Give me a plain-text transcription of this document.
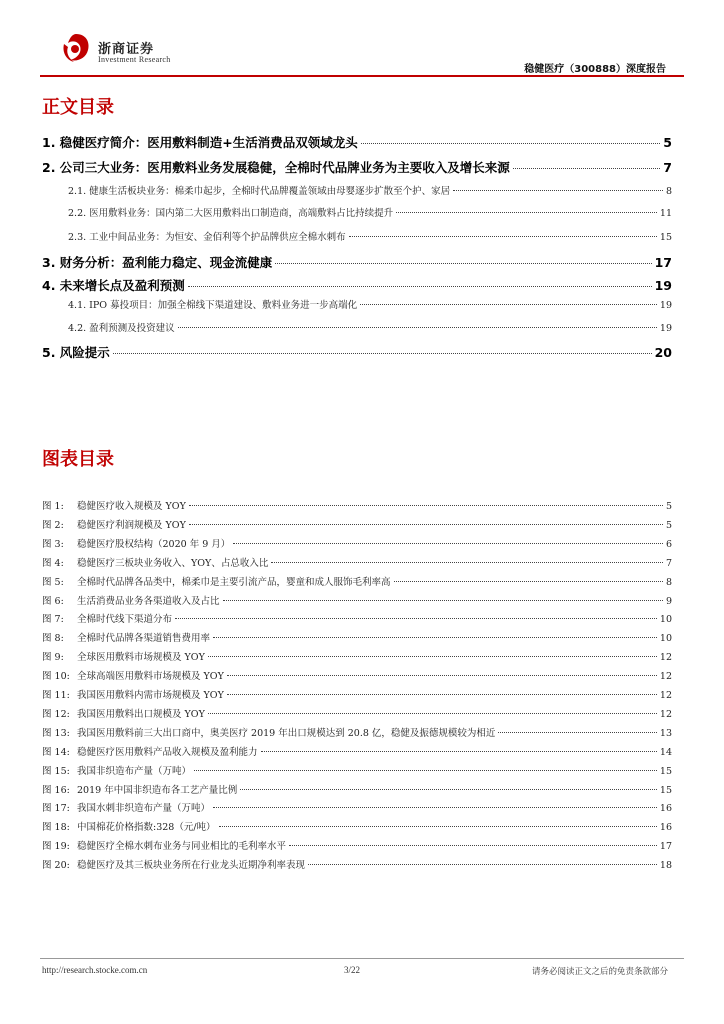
浙商证券
Investment Research
稳健医疗（300888）深度报告
正文目录
1. 稳健医疗简介：医用敷料制造+生活消费品双领域龙头	5
2. 公司三大业务：医用敷料业务发展稳健，全棉时代品牌业务为主要收入及增长来源	7
2.1. 健康生活板块业务：棉柔巾起步，全棉时代品牌覆盖领域由母婴逐步扩散至个护、家居	8
2.2. 医用敷料业务：国内第二大医用敷料出口制造商，高端敷料占比持续提升	11
2.3. 工业中间品业务：为恒安、金佰利等个护品牌供应全棉水刺布	15
3. 财务分析：盈利能力稳定、现金流健康	17
4. 未来增长点及盈利预测	19
4.1. IPO 募投项目：加强全棉线下渠道建设、敷料业务进一步高端化	19
4.2. 盈利预测及投资建议	19
5. 风险提示	20
图表目录
图 1:	稳健医疗收入规模及 YOY	5
图 2:	稳健医疗利润规模及 YOY	5
图 3:	稳健医疗股权结构（2020 年 9 月）	6
图 4:	稳健医疗三板块业务收入、YOY、占总收入比	7
图 5:	全棉时代品牌各品类中，棉柔巾是主要引流产品，婴童和成人服饰毛利率高	8
图 6:	生活消费品业务各渠道收入及占比	9
图 7:	全棉时代线下渠道分布	10
图 8:	全棉时代品牌各渠道销售费用率	10
图 9:	全球医用敷料市场规模及 YOY	12
图 10: 全球高端医用敷料市场规模及 YOY	12
图 11: 我国医用敷料内需市场规模及 YOY	12
图 12: 我国医用敷料出口规模及 YOY	12
图 13: 我国医用敷料前三大出口商中，奥美医疗 2019 年出口规模达到 20.8 亿，稳健及振德规模较为相近	13
图 14: 稳健医疗医用敷料产品收入规模及盈利能力	14
图 15: 我国非织造布产量（万吨）	15
图 16: 2019 年中国非织造布各工艺产量比例	15
图 17: 我国水刺非织造布产量（万吨）	16
图 18: 中国棉花价格指数:328（元/吨）	16
图 19: 稳健医疗全棉水刺布业务与同业相比的毛利率水平	17
图 20: 稳健医疗及其三板块业务所在行业龙头近期净利率表现	18
http://research.stocke.com.cn	3/22	请务必阅读正文之后的免责条款部分
